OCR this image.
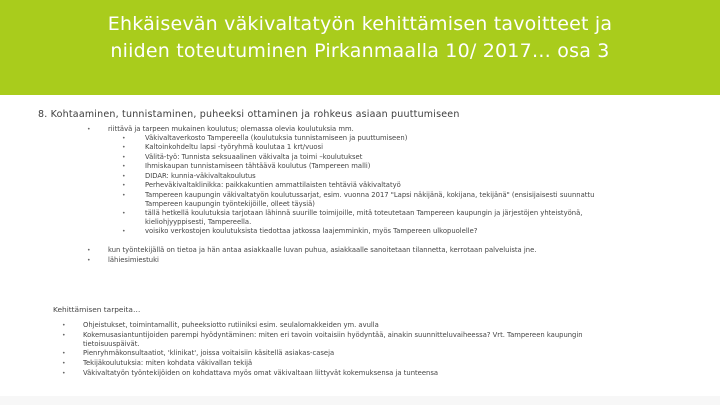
Ehkäisevän väkivaltatyön kehittämisen tavoitteet ja
niiden toteutuminen Pirkanmaalla 10/ 2017… osa 3
8. Kohtaaminen, tunnistaminen, puheeksi ottaminen ja rohkeus asiaan puuttumiseen
•	riittävä ja tarpeen mukainen koulutus; olemassa olevia koulutuksia mm.
•	Väkivaltaverkosto Tampereella (koulutuksia tunnistamiseen ja puuttumiseen)
•	Kaltoinkohdeltu lapsi -työryhmä koulutaa 1 krt/vuosi
•	Välitä-työ: Tunnista seksuaalinen väkivalta ja toimi –koulutukset
•	Ihmiskaupan tunnistamiseen tähtäävä koulutus (Tampereen malli)
•	DIDAR: kunnia-väkivaltakoulutus
•	Perheväkivaltaklinikka: paikkakuntien ammattilaisten tehtäviä väkivaltatyö
•	Tampereen kaupungin väkivaltatyön koulutussarjat, esim. vuonna 2017 "Lapsi näkijänä, kokijana, tekijänä" (ensisijaisesti suunnattu
Tampereen kaupungin työntekijöille, olleet täysiä)
•	tällä hetkellä koulutuksia tarjotaan lähinnä suurille toimijoille, mitä toteutetaan Tampereen kaupungin ja järjestöjen yhteistyönä,
kieliohjyyppisesti, Tampereella.
•	voisiko verkostojen koulutuksista tiedottaa jatkossa laajemminkin, myös Tampereen ulkopuolelle?
•	kun työntekijällä on tietoa ja hän antaa asiakkaalle luvan puhua, asiakkaalle sanoitetaan tilannetta, kerrotaan palveluista jne.
•	lähiesimiestuki
Kehittämisen tarpeita…
•	Ohjeistukset, toimintamallit, puheeksiotto rutiiniksi esim. seulalomakkeiden ym. avulla
•	Kokemusasiantuntijoiden parempi hyödyntäminen: miten eri tavoin voitaisiin hyödyntää, ainakin suunnitteluvaiheessa? Vrt. Tampereen kaupungin
tietoisuuspäivät.
•	Pienryhmäkonsultaatiot, 'klinikat', joissa voitaisiin käsitellä asiakas-caseja
•	Tekijäkoulutuksia: miten kohdata väkivallan tekijä
•	Väkivaltatyön työntekijöiden on kohdattava myös omat väkivaltaan liittyvät kokemuksensa ja tunteensa
